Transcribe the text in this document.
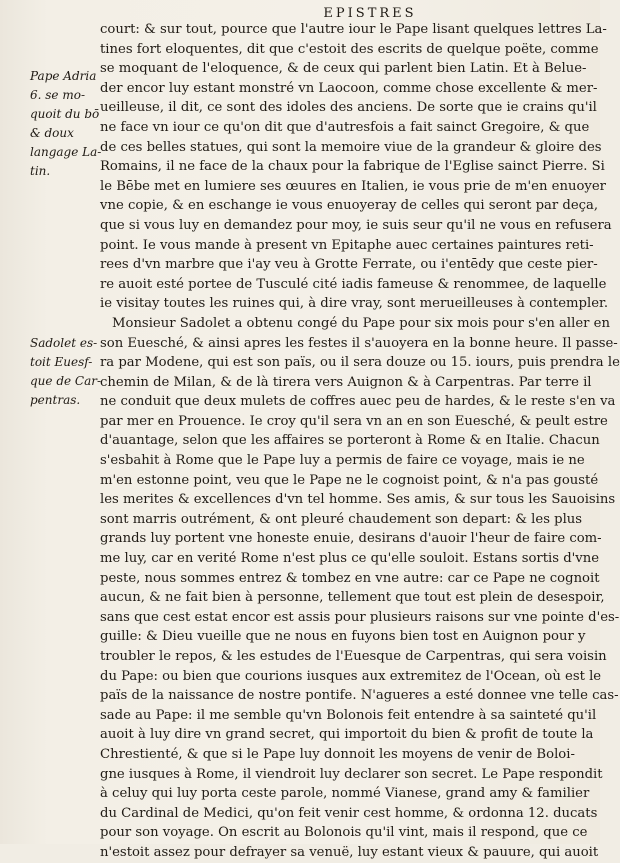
EPISTRES
Pape Adria
6. se mo-
quoit du bō
& doux
langage La-
tin.
Sadolet es-
toit Euesf-
que de Car-
pentras.
court: & sur tout, pource que l'autre iour le Pape lisant quelques lettres La-
tines fort eloquentes, dit que c'estoit des escrits de quelque poëte, comme
se moquant de l'eloquence, & de ceux qui parlent bien Latin. Et à Belue-
der encor luy estant monstré vn Laocoon, comme chose excellente & mer-
ueilleuse, il dit, ce sont des idoles des anciens. De sorte que ie crains qu'il
ne face vn iour ce qu'on dit que d'autresfois a fait sainct Gregoire, & que
de ces belles statues, qui sont la memoire viue de la grandeur & gloire des
Romains, il ne face de la chaux pour la fabrique de l'Eglise sainct Pierre. Si
le Bēbe met en lumiere ses œuures en Italien, ie vous prie de m'en enuoyer
vne copie, & en eschange ie vous enuoyeray de celles qui seront par deça,
que si vous luy en demandez pour moy, ie suis seur qu'il ne vous en refusera
point. Ie vous mande à present vn Epitaphe auec certaines paintures reti-
rees d'vn marbre que i'ay veu à Grotte Ferrate, ou i'entēdy que ceste pier-
re auoit esté portee de Tusculé cité iadis fameuse & renommee, de laquelle
ie visitay toutes les ruines qui, à dire vray, sont merueilleuses à contempler.
Monsieur Sadolet a obtenu congé du Pape pour six mois pour s'en aller en
son Euesché, & ainsi apres les festes il s'auoyera en la bonne heure. Il passe-
ra par Modene, qui est son païs, ou il sera douze ou 15. iours, puis prendra le
chemin de Milan, & de là tirera vers Auignon & à Carpentras. Par terre il
ne conduit que deux mulets de coffres auec peu de hardes, & le reste s'en va
par mer en Prouence. Ie croy qu'il sera vn an en son Euesché, & peult estre
d'auantage, selon que les affaires se porteront à Rome & en Italie. Chacun
s'esbahit à Rome que le Pape luy a permis de faire ce voyage, mais ie ne
m'en estonne point, veu que le Pape ne le cognoist point, & n'a pas gousté
les merites & excellences d'vn tel homme. Ses amis, & sur tous les Sauoisins
sont marris outrément, & ont pleuré chaudement son depart: & les plus
grands luy portent vne honeste enuie, desirans d'auoir l'heur de faire com-
me luy, car en verité Rome n'est plus ce qu'elle souloit. Estans sortis d'vne
peste, nous sommes entrez & tombez en vne autre: car ce Pape ne cognoit
aucun, & ne fait bien à personne, tellement que tout est plein de desespoir,
sans que cest estat encor est assis pour plusieurs raisons sur vne pointe d'es-
guille: & Dieu vueille que ne nous en fuyons bien tost en Auignon pour y
troubler le repos, & les estudes de l'Euesque de Carpentras, qui sera voisin
du Pape: ou bien que courions iusques aux extremitez de l'Ocean, où est le
païs de la naissance de nostre pontife. N'agueres a esté donnee vne telle cas-
sade au Pape: il me semble qu'vn Bolonois feit entendre à sa sainteté qu'il
auoit à luy dire vn grand secret, qui importoit du bien & profit de toute la
Chrestienté, & que si le Pape luy donnoit les moyens de venir de Boloi-
gne iusques à Rome, il viendroit luy declarer son secret. Le Pape respondit
à celuy qui luy porta ceste parole, nommé Vianese, grand amy & familier
du Cardinal de Medici, qu'on feit venir cest homme, & ordonna 12. ducats
pour son voyage. On escrit au Bolonois qu'il vint, mais il respond, que ce
n'estoit assez pour defrayer sa venuë, luy estant vieux & pauure, qui auoit
